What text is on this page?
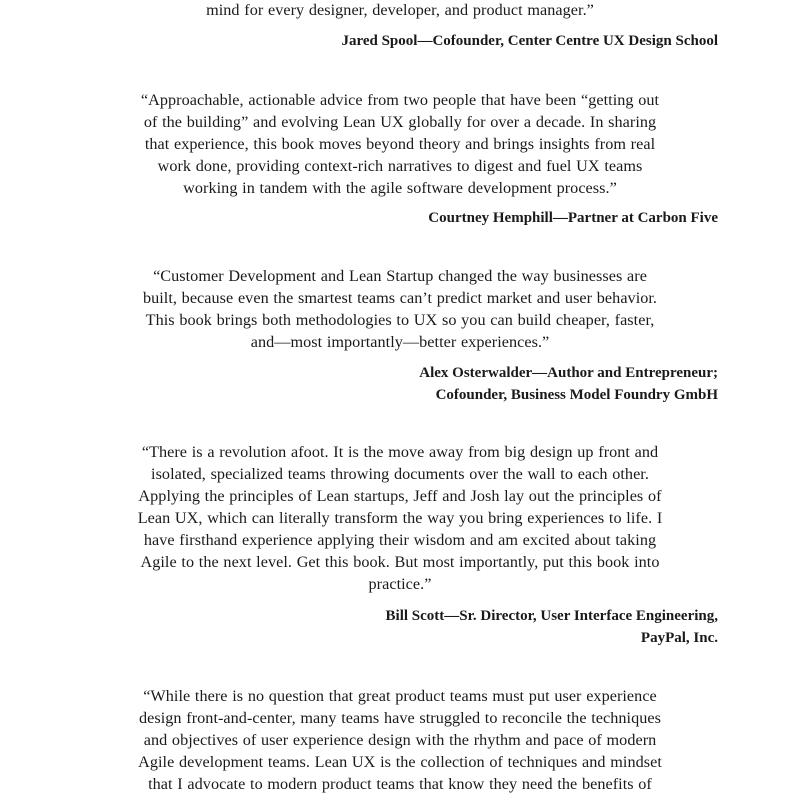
mind for every designer, developer, and product manager.”
Jared Spool—Cofounder, Center Centre UX Design School
“Approachable, actionable advice from two people that have been “getting out
of the building” and evolving Lean UX globally for over a decade. In sharing
that experience, this book moves beyond theory and brings insights from real
work done, providing context-rich narratives to digest and fuel UX teams
working in tandem with the agile software development process.”
Courtney Hemphill—Partner at Carbon Five
“Customer Development and Lean Startup changed the way businesses are
built, because even the smartest teams can’t predict market and user behavior.
This book brings both methodologies to UX so you can build cheaper, faster,
and—most importantly—better experiences.”
Alex Osterwalder—Author and Entrepreneur;
Cofounder, Business Model Foundry GmbH
“There is a revolution afoot. It is the move away from big design up front and
isolated, specialized teams throwing documents over the wall to each other.
Applying the principles of Lean startups, Jeff and Josh lay out the principles of
Lean UX, which can literally transform the way you bring experiences to life. I
have firsthand experience applying their wisdom and am excited about taking
Agile to the next level. Get this book. But most importantly, put this book into
practice.”
Bill Scott—Sr. Director, User Interface Engineering,
PayPal, Inc.
“While there is no question that great product teams must put user experience
design front-and-center, many teams have struggled to reconcile the techniques
and objectives of user experience design with the rhythm and pace of modern
Agile development teams. Lean UX is the collection of techniques and mindset
that I advocate to modern product teams that know they need the benefits of
